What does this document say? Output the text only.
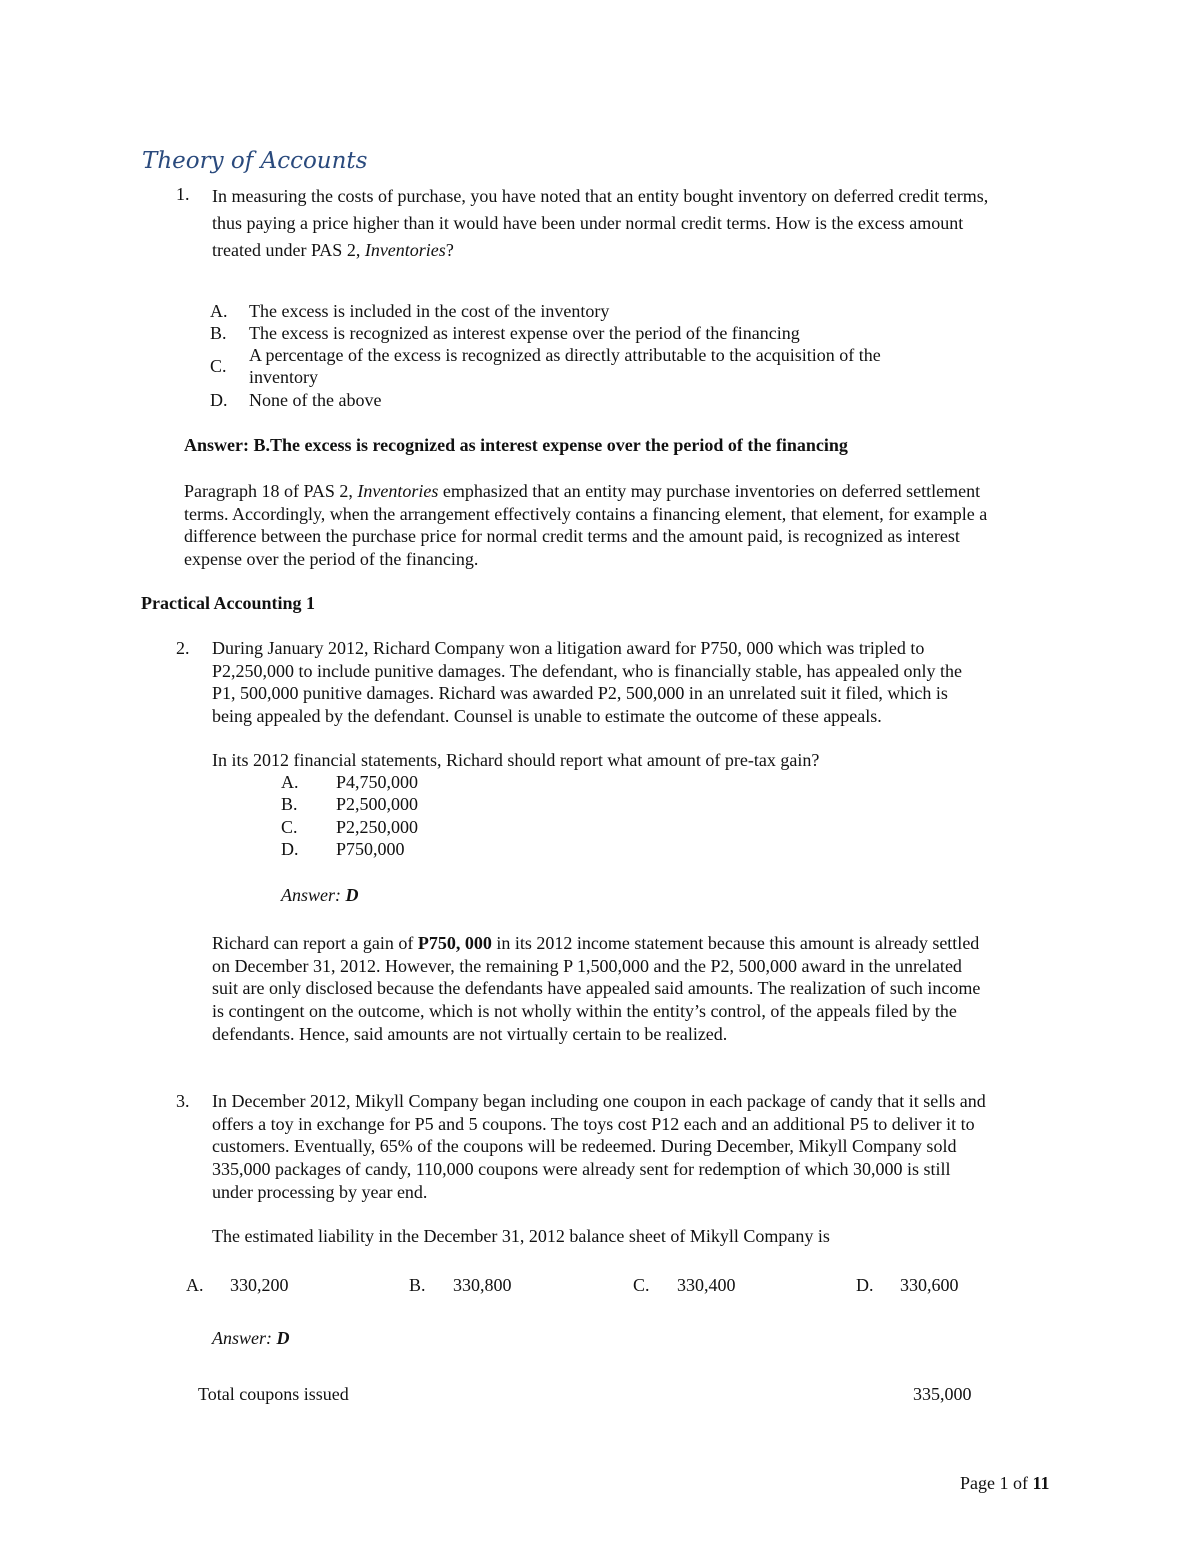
Theory of Accounts
1. In measuring the costs of purchase, you have noted that an entity bought inventory on deferred credit terms,
thus paying a price higher than it would have been under normal credit terms. How is the excess amount
treated under PAS 2, Inventories?
A. The excess is included in the cost of the inventory
B. The excess is recognized as interest expense over the period of the financing
C.
A percentage of the excess is recognized as directly attributable to the acquisition of the
inventory
D. None of the above
Answer: B.The excess is recognized as interest expense over the period of the financing
Paragraph 18 of PAS 2, Inventories emphasized that an entity may purchase inventories on deferred settlement
terms. Accordingly, when the arrangement effectively contains a financing element, that element, for example a
difference between the purchase price for normal credit terms and the amount paid, is recognized as interest
expense over the period of the financing.
Practical Accounting 1
2. During January 2012, Richard Company won a litigation award for P750, 000 which was tripled to
P2,250,000 to include punitive damages. The defendant, who is financially stable, has appealed only the
P1, 500,000 punitive damages. Richard was awarded P2, 500,000 in an unrelated suit it filed, which is
being appealed by the defendant. Counsel is unable to estimate the outcome of these appeals.
In its 2012 financial statements, Richard should report what amount of pre-tax gain?
A. P4,750,000
B. P2,500,000
C. P2,250,000
D. P750,000
Answer: D
Richard can report a gain of P750, 000 in its 2012 income statement because this amount is already settled
on December 31, 2012. However, the remaining P 1,500,000 and the P2, 500,000 award in the unrelated
suit are only disclosed because the defendants have appealed said amounts. The realization of such income
is contingent on the outcome, which is not wholly within the entity’s control, of the appeals filed by the
defendants. Hence, said amounts are not virtually certain to be realized.
3. In December 2012, Mikyll Company began including one coupon in each package of candy that it sells and
offers a toy in exchange for P5 and 5 coupons. The toys cost P12 each and an additional P5 to deliver it to
customers. Eventually, 65% of the coupons will be redeemed. During December, Mikyll Company sold
335,000 packages of candy, 110,000 coupons were already sent for redemption of which 30,000 is still
under processing by year end.
The estimated liability in the December 31, 2012 balance sheet of Mikyll Company is
A. 330,200	B. 330,800	C. 330,400	D. 330,600
Answer: D
Total coupons issued	335,000
Page 1 of 11
